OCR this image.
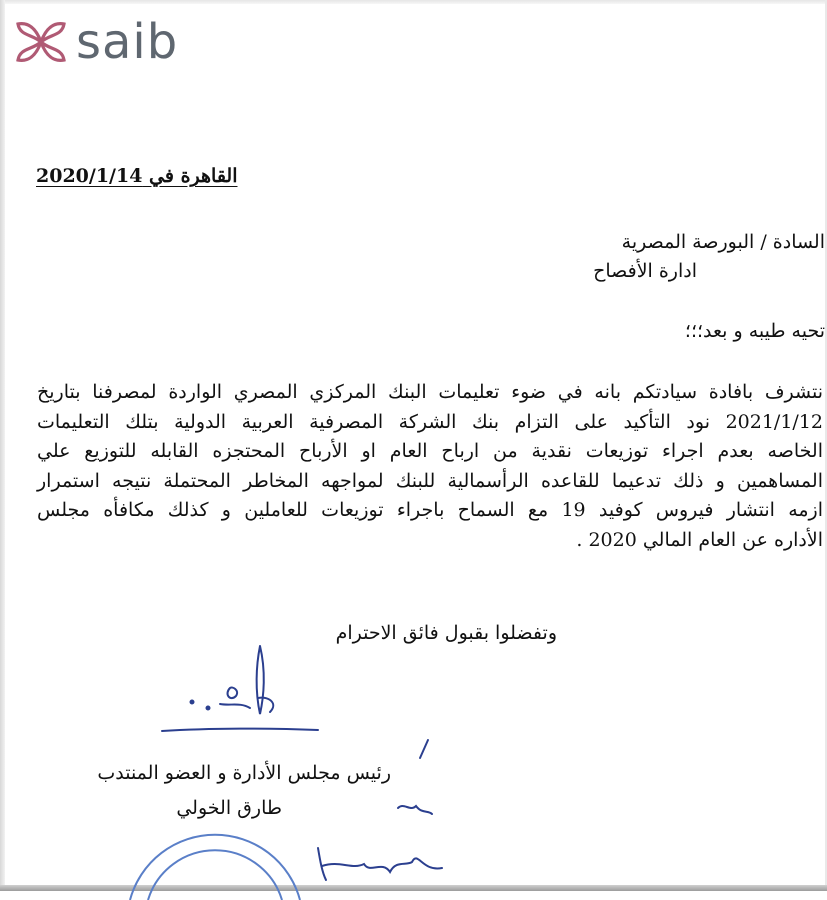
saib
القاهرة في 2020/1/14
السادة / البورصة المصرية
ادارة الأفصاح
تحيه طيبه و بعد؛؛؛
نتشرف بافادة سيادتكم بانه في ضوء تعليمات البنك المركزي المصري الواردة لمصرفنا بتاريخ
2021/1/12 نود التأكيد على التزام بنك الشركة المصرفية العربية الدولية بتلك التعليمات
الخاصه بعدم اجراء توزيعات نقدية من ارباح العام او الأرباح المحتجزه القابله للتوزيع علي
المساهمين و ذلك تدعيما للقاعده الرأسمالية للبنك لمواجهه المخاطر المحتملة نتيجه استمرار
ازمه انتشار فيروس كوفيد 19 مع السماح باجراء توزيعات للعاملين و كذلك مكافأه مجلس
الأداره عن العام المالي 2020 .
وتفضلوا بقبول فائق الاحترام
رئيس مجلس الأدارة و العضو المنتدب
طارق الخولي
